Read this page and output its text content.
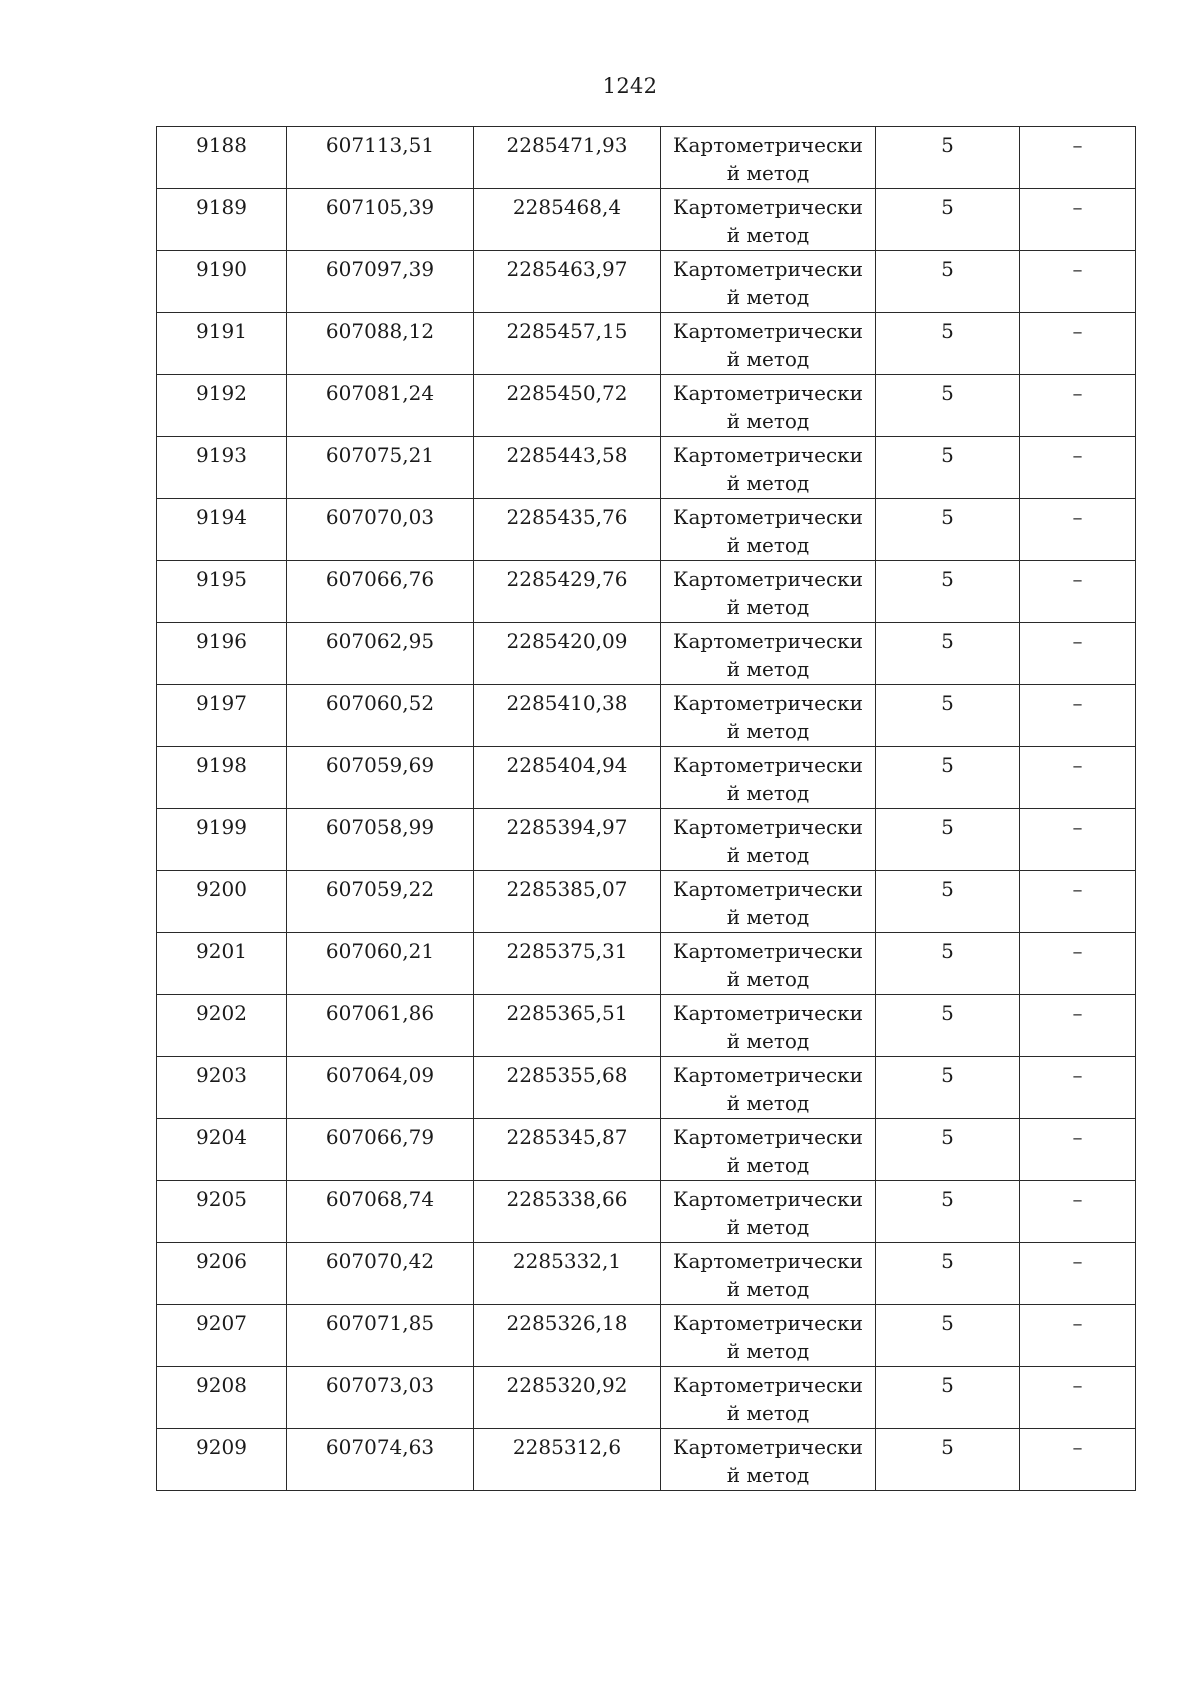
1242
9188	607113,51	2285471,93	Картометрический метод	5	–
9189	607105,39	2285468,4	Картометрический метод	5	–
9190	607097,39	2285463,97	Картометрический метод	5	–
9191	607088,12	2285457,15	Картометрический метод	5	–
9192	607081,24	2285450,72	Картометрический метод	5	–
9193	607075,21	2285443,58	Картометрический метод	5	–
9194	607070,03	2285435,76	Картометрический метод	5	–
9195	607066,76	2285429,76	Картометрический метод	5	–
9196	607062,95	2285420,09	Картометрический метод	5	–
9197	607060,52	2285410,38	Картометрический метод	5	–
9198	607059,69	2285404,94	Картометрический метод	5	–
9199	607058,99	2285394,97	Картометрический метод	5	–
9200	607059,22	2285385,07	Картометрический метод	5	–
9201	607060,21	2285375,31	Картометрический метод	5	–
9202	607061,86	2285365,51	Картометрический метод	5	–
9203	607064,09	2285355,68	Картометрический метод	5	–
9204	607066,79	2285345,87	Картометрический метод	5	–
9205	607068,74	2285338,66	Картометрический метод	5	–
9206	607070,42	2285332,1	Картометрический метод	5	–
9207	607071,85	2285326,18	Картометрический метод	5	–
9208	607073,03	2285320,92	Картометрический метод	5	–
9209	607074,63	2285312,6	Картометрический метод	5	–
